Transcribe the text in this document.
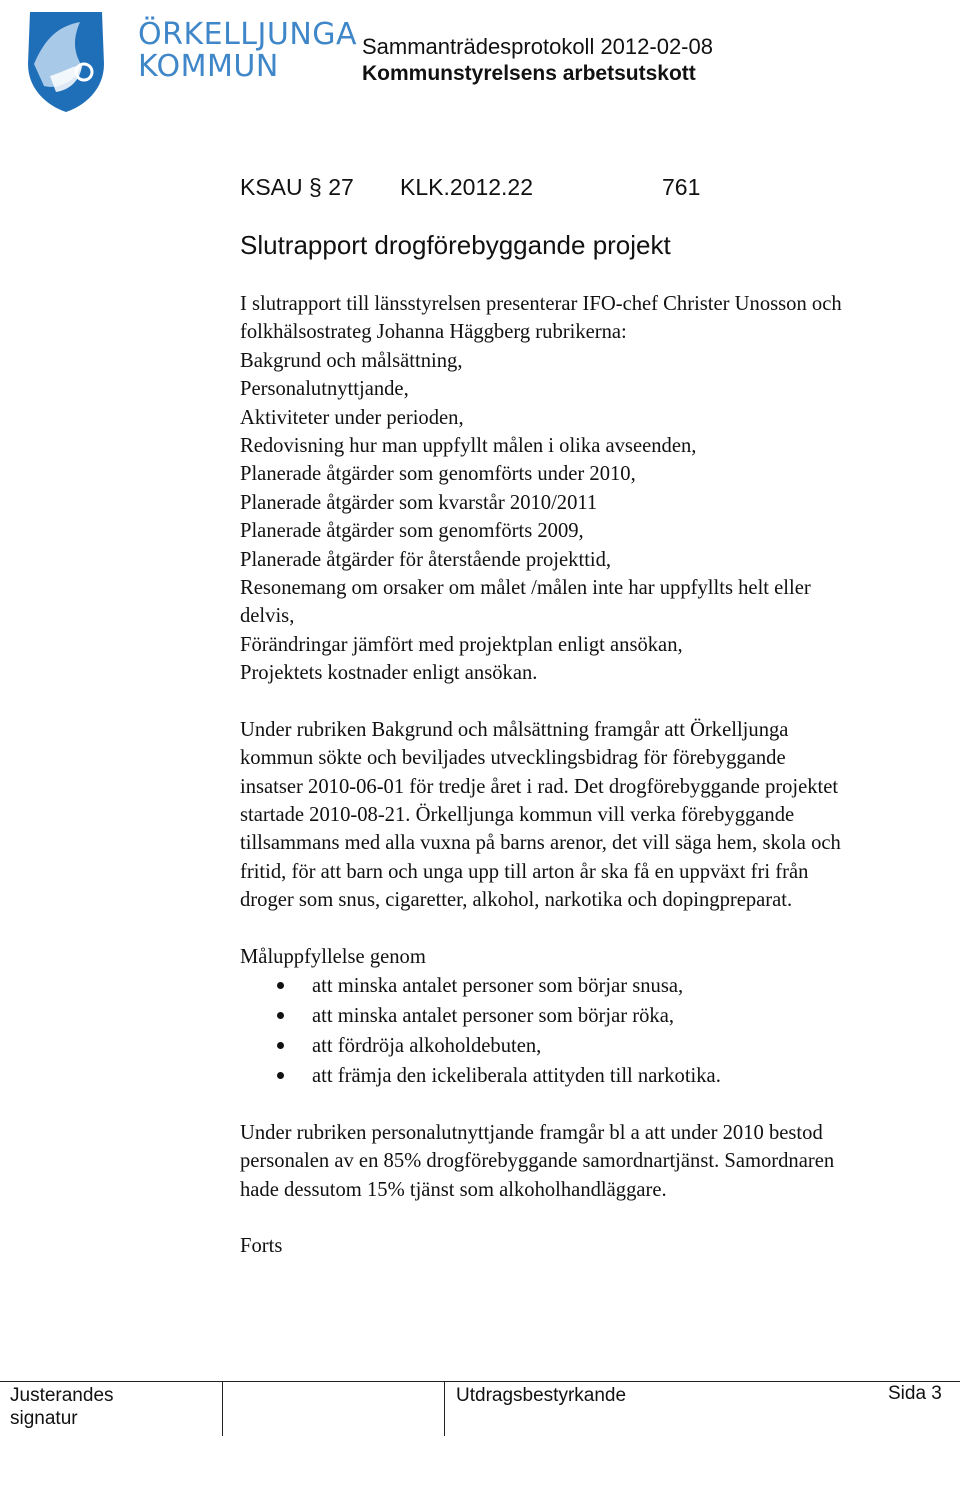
ÖRKELLJUNGA
KOMMUN
Sammanträdesprotokoll 2012-02-08
Kommunstyrelsens arbetsutskott
KSAU § 27 KLK.2012.22	761
Slutrapport drogförebyggande projekt

I slutrapport till länsstyrelsen presenterar IFO-chef Christer Unosson och

folkhälsostrateg Johanna Häggberg rubrikerna:

Bakgrund och målsättning,

Personalutnyttjande,

Aktiviteter under perioden,

Redovisning hur man uppfyllt målen i olika avseenden,

Planerade åtgärder som genomförts under 2010,

Planerade åtgärder som kvarstår 2010/2011

Planerade åtgärder som genomförts 2009,

Planerade åtgärder för återstående projekttid,

Resonemang om orsaker om målet /målen inte har uppfyllts helt eller

delvis,

Förändringar jämfört med projektplan enligt ansökan,

Projektets kostnader enligt ansökan.

Under rubriken Bakgrund och målsättning framgår att Örkelljunga

kommun sökte och beviljades utvecklingsbidrag för förebyggande

insatser 2010-06-01 för tredje året i rad. Det drogförebyggande projektet

startade 2010-08-21. Örkelljunga kommun vill verka förebyggande

tillsammans med alla vuxna på barns arenor, det vill säga hem, skola och

fritid, för att barn och unga upp till arton år ska få en uppväxt fri från

droger som snus, cigaretter, alkohol, narkotika och dopingpreparat.

Måluppfyllelse genom

att minska antalet personer som börjar snusa,
att minska antalet personer som börjar röka,
att fördröja alkoholdebuten,
att främja den ickeliberala attityden till narkotika.

Under rubriken personalutnyttjande framgår bl a att under 2010 bestod

personalen av en 85% drogförebyggande samordnartjänst. Samordnaren

hade dessutom 15% tjänst som alkoholhandläggare.

Forts

Justerandes
signatur
Utdragsbestyrkande	Sida 3
